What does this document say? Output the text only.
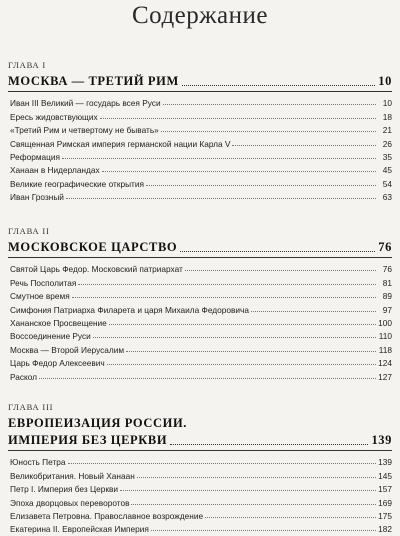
Содержание
ГЛАВА I
МОСКВА — ТРЕТИЙ РИМ	10
Иван III Великий — государь всея Руси	10
Ересь жидовствующих	18
«Третий Рим и четвертому не бывать»	21
Священная Римская империя германской нации Карла V	26
Реформация	35
Ханаан в Нидерландах	45
Великие географические открытия	54
Иван Грозный	63
ГЛАВА II
МОСКОВСКОЕ ЦАРСТВО	76
Святой Царь Федор. Московский патриархат	76
Речь Посполитая	81
Смутное время	89
Симфония Патриарха Филарета и царя Михаила Федоровича	97
Хананское Просвещение	100
Воссоединение Руси	110
Москва — Второй Иерусалим	118
Царь Федор Алексеевич	124
Раскол	127
ГЛАВА III
ЕВРОПЕИЗАЦИЯ РОССИИ.
ИМПЕРИЯ БЕЗ ЦЕРКВИ	139
Юность Петра	139
Великобритания. Новый Ханаан	145
Петр I. Империя без Церкви	157
Эпоха дворцовых переворотов	169
Елизавета Петровна. Православное возрождение	175
Екатерина II. Европейская Империя	182
